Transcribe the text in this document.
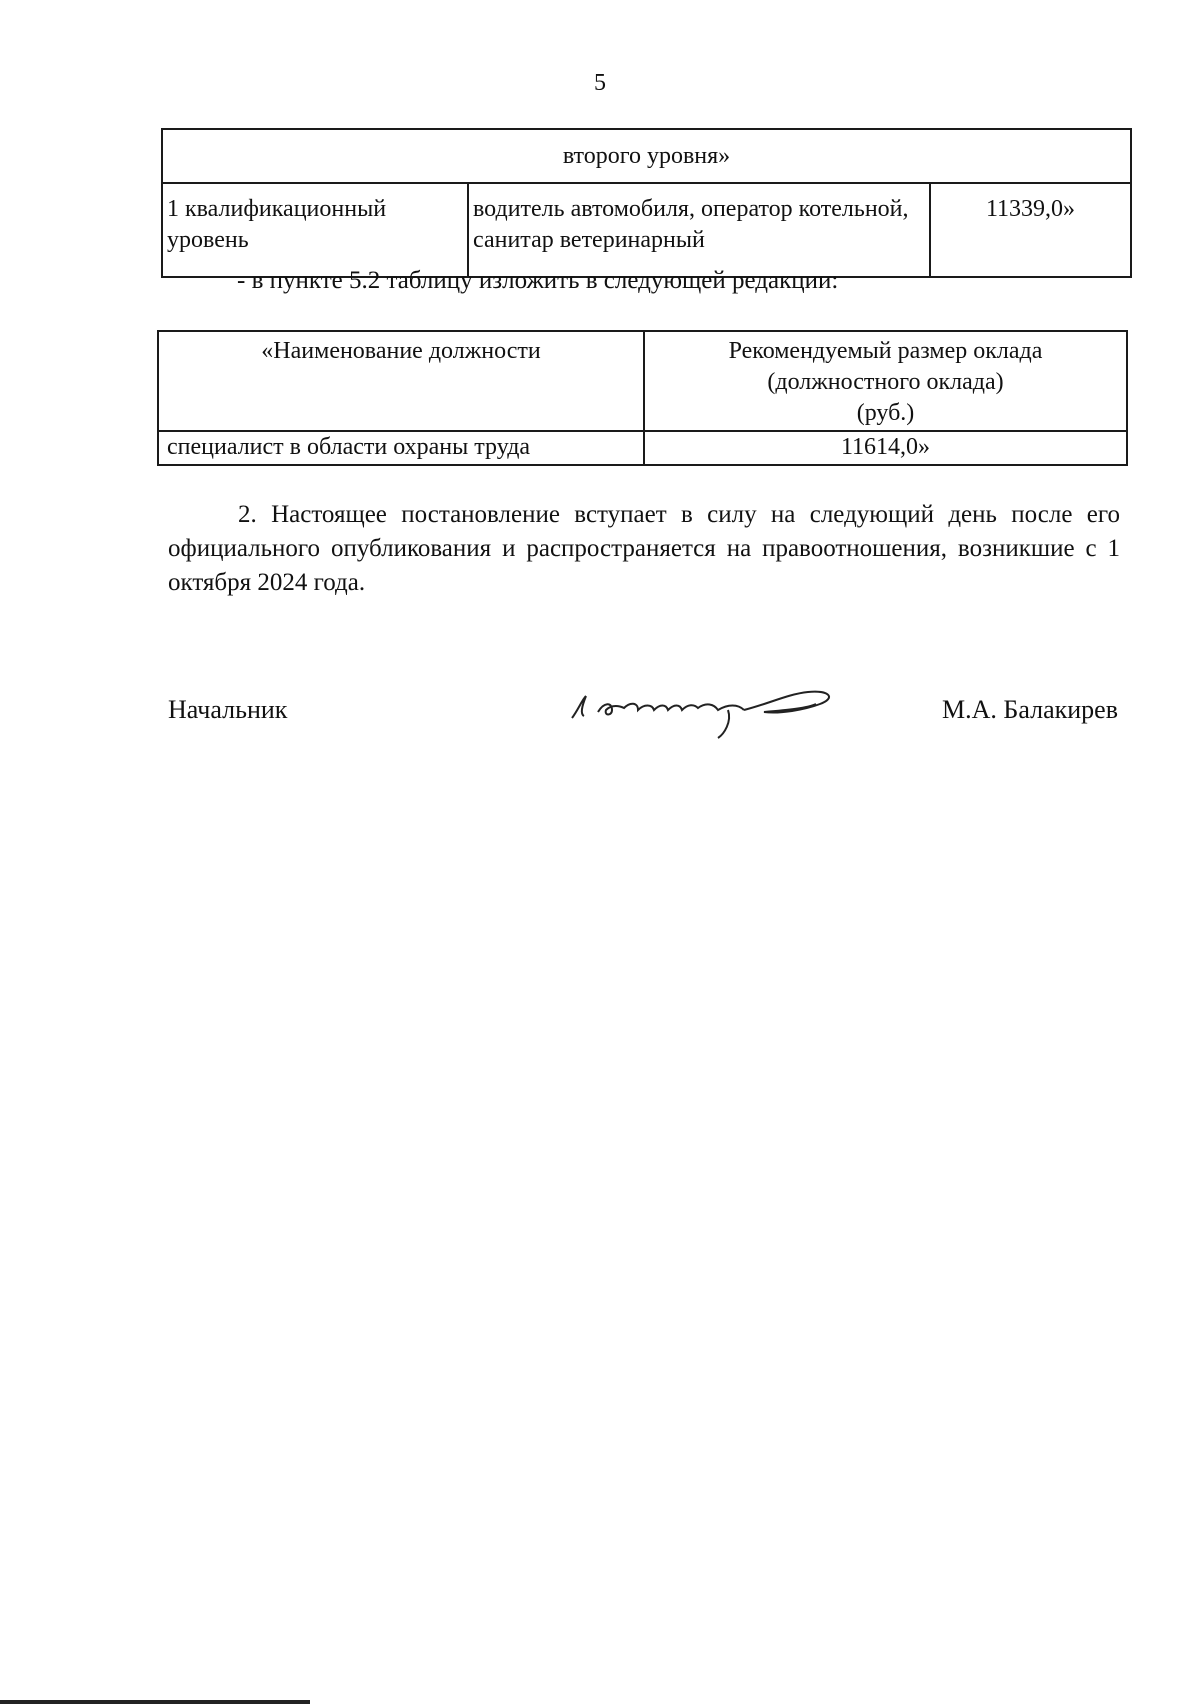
5
второго уровня»
1 квалификационный уровень	водитель автомобиля, оператор котельной, санитар ветеринарный	11339,0»
- в пункте 5.2 таблицу изложить в следующей редакции:
«Наименование должности	Рекомендуемый размер оклада
(должностного оклада)
(руб.)

специалист в области охраны труда	11614,0»

2. Настоящее постановление вступает в силу на следующий день после его официального опубликования и распространяется на правоотношения, возникшие с 1 октября 2024 года.

Начальник	М.А. Балакирев
